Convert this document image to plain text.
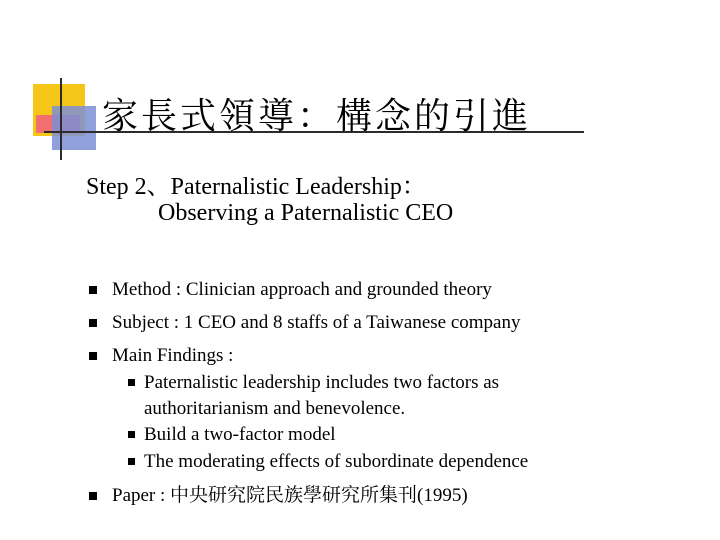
家長式領導：構念的引進

Step 2、Paternalistic Leadership：

Observing a Paternalistic CEO

Method : Clinician approach and grounded theory
Subject : 1 CEO and 8 staffs of a Taiwanese company
Main Findings :
Paternalistic leadership includes two factors as
authoritarianism and benevolence.
Build a two-factor model
The moderating effects of subordinate dependence
Paper : 中央研究院民族學研究所集刊(1995)
